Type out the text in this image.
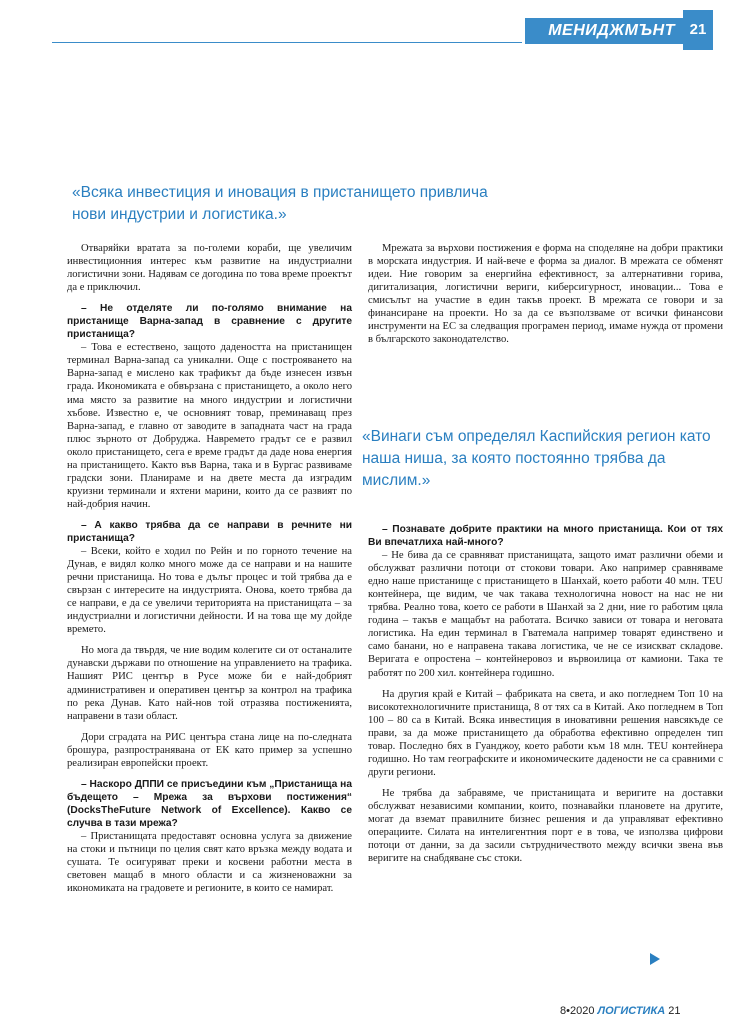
МЕНИДЖМЪНТ 21
«Всяка инвестиция и иновация в пристанището привлича нови индустрии и логистика.»

Отваряйки вратата за по-големи кораби, ще увеличим инвестиционния интерес към развитие на индустриални логистични зони. Надявам се догодина по това време проектът да е приключил.

– Не отделяте ли по-голямо внимание на пристанище Варна-запад в сравнение с другите пристанища?

– Това е естествено, защото дадеността на пристанищен терминал Варна-запад са уникални. Още с построяването на Варна-запад е мислено как трафикът да бъде изнесен извън града. Икономиката е обвързана с пристанището, а около него има място за развитие на много индустрии и логистични хъбове. Известно е, че основният товар, преминаващ през Варна-запад, е главно от заводите в западната част на града плюс зърното от Добруджа. Навремето градът се е развил около пристанището, сега е време градът да даде нова енергия на пристанището. Както във Варна, така и в Бургас развиваме градски зони. Планираме и на двете места да изградим круизни терминали и яхтени марини, които да се развият по най-добрия начин.

– А какво трябва да се направи в речните ни пристанища?

– Всеки, който е ходил по Рейн и по горното течение на Дунав, е видял колко много може да се направи и на нашите речни пристанища. Но това е дълъг процес и той трябва да е свързан с интересите на индустрията. Онова, което трябва да се направи, е да се увеличи територията на пристанищата – за индустриални и логистични дейности. И на това ще му дойде времето.

Но мога да твърдя, че ние водим колегите си от останалите дунавски държави по отношение на управлението на трафика. Нашият РИС център в Русе може би е най-добрият административен и оперативен център за контрол на трафика по река Дунав. Като най-нов той отразява постиженията, направени в тази област.

Дори сградата на РИС центъра стана лице на по-следната брошура, разпространявана от ЕК като пример за успешно реализиран европейски проект.

– Наскоро ДППИ се присъедини към „Пристанища на бъдещето – Мрежа за върхови постижения“ (DocksTheFuture Network of Excellence). Какво се случва в тази мрежа?

– Пристанищата предоставят основна услуга за движение на стоки и пътници по целия свят като връзка между водата и сушата. Те осигуряват преки и косвени работни места в световен мащаб в много области и са жизненоважни за икономиката на градовете и регионите, в които се намират.

Мрежата за върхови постижения е форма на споделяне на добри практики в морската индустрия. И най-вече е форма за диалог. В мрежата се обменят идеи. Ние говорим за енергийна ефективност, за алтернативни горива, дигитализация, логистични вериги, киберсигурност, иновации... Това е смисълът на участие в един такъв проект. В мрежата се говори и за финансиране на проекти. Но за да се възползваме от всички финансови инструменти на ЕС за следващия програмен период, имаме нужда от промени в българското законодателство.

«Винаги съм определял Каспийския регион като наша ниша, за която постоянно трябва да мислим.»

– Познавате добрите практики на много пристанища. Кои от тях Ви впечатлиха най-много?

– Не бива да се сравняват пристанищата, защото имат различни обеми и обслужват различни потоци от стокови товари. Ако например сравняваме едно наше пристанище с пристанището в Шанхай, което работи 40 млн. TEU контейнера, ще видим, че чак такава технологична новост на нас не ни трябва. Реално това, което се работи в Шанхай за 2 дни, ние го работим цяла година – такъв е мащабът на работата. Всичко зависи от товара и неговата логистика. На един терминал в Гватемала например товарят единствено и само банани, но е направена такава логистика, че не се изискват складове. Веригата е опростена – контейнеровоз и вървоилица от камиони. Така те работят по 200 хил. контейнера годишно.

На другия край е Китай – фабриката на света, и ако погледнем Топ 10 на високотехнологичните пристанища, 8 от тях са в Китай. Ако погледнем в Топ 100 – 80 са в Китай. Всяка инвестиция в иновативни решения навсякъде се прави, за да може пристанището да обработва ефективно определен тип товар. Последно бях в Гуанджоу, което работи към 18 млн. TEU контейнера годишно. Но там географските и икономическите дадености не са сравними с други региони.

Не трябва да забравяме, че пристанищата и веригите на доставки обслужват независими компании, които, познавайки плановете на другите, могат да вземат правилните бизнес решения и да управляват ефективно операциите. Силата на интелигентния порт е в това, че използва цифрови потоци от данни, за да засили сътрудничеството между всички звена във веригите на снабдяване със стоки.

8•2020 ЛОГИСТИКА 21
